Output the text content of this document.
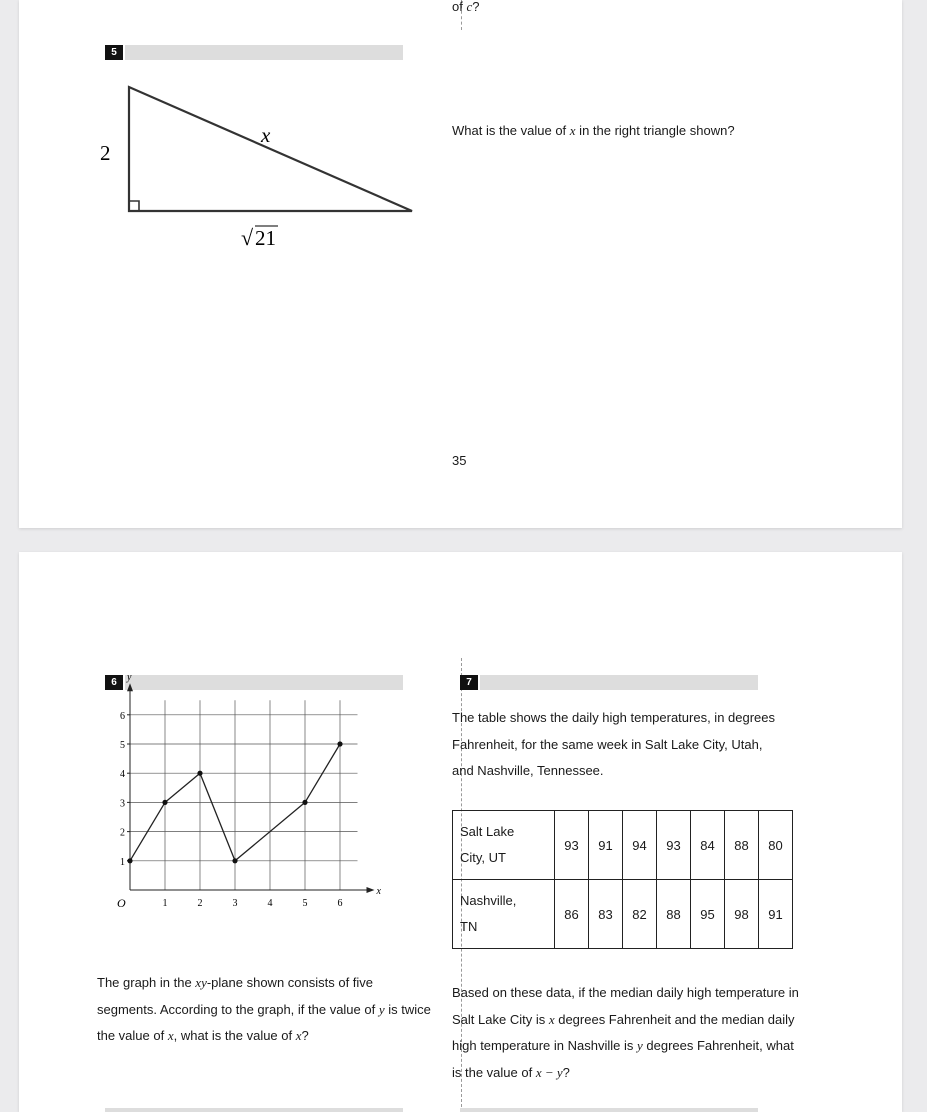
of c?

5
2
x
√ 21

What is the value of x in the right triangle shown?

35

6
1	2	3	4	5	6
1
2
3
4
5
6
O
x
y

The graph in the xy-plane shown consists of five segments. According to the graph, if the value of y is twice the value of x, what is the value of x?

7

The table shows the daily high temperatures, in degrees Fahrenheit, for the same week in Salt Lake City, Utah, and Nashville, Tennessee.

Salt Lake
City, UT	93	91	94	93	84	88	80
Nashville,
TN	86	83	82	88	95	98	91

Based on these data, if the median daily high temperature in Salt Lake City is x degrees Fahrenheit and the median daily high temperature in Nashville is y degrees Fahrenheit, what is the value of x − y?
